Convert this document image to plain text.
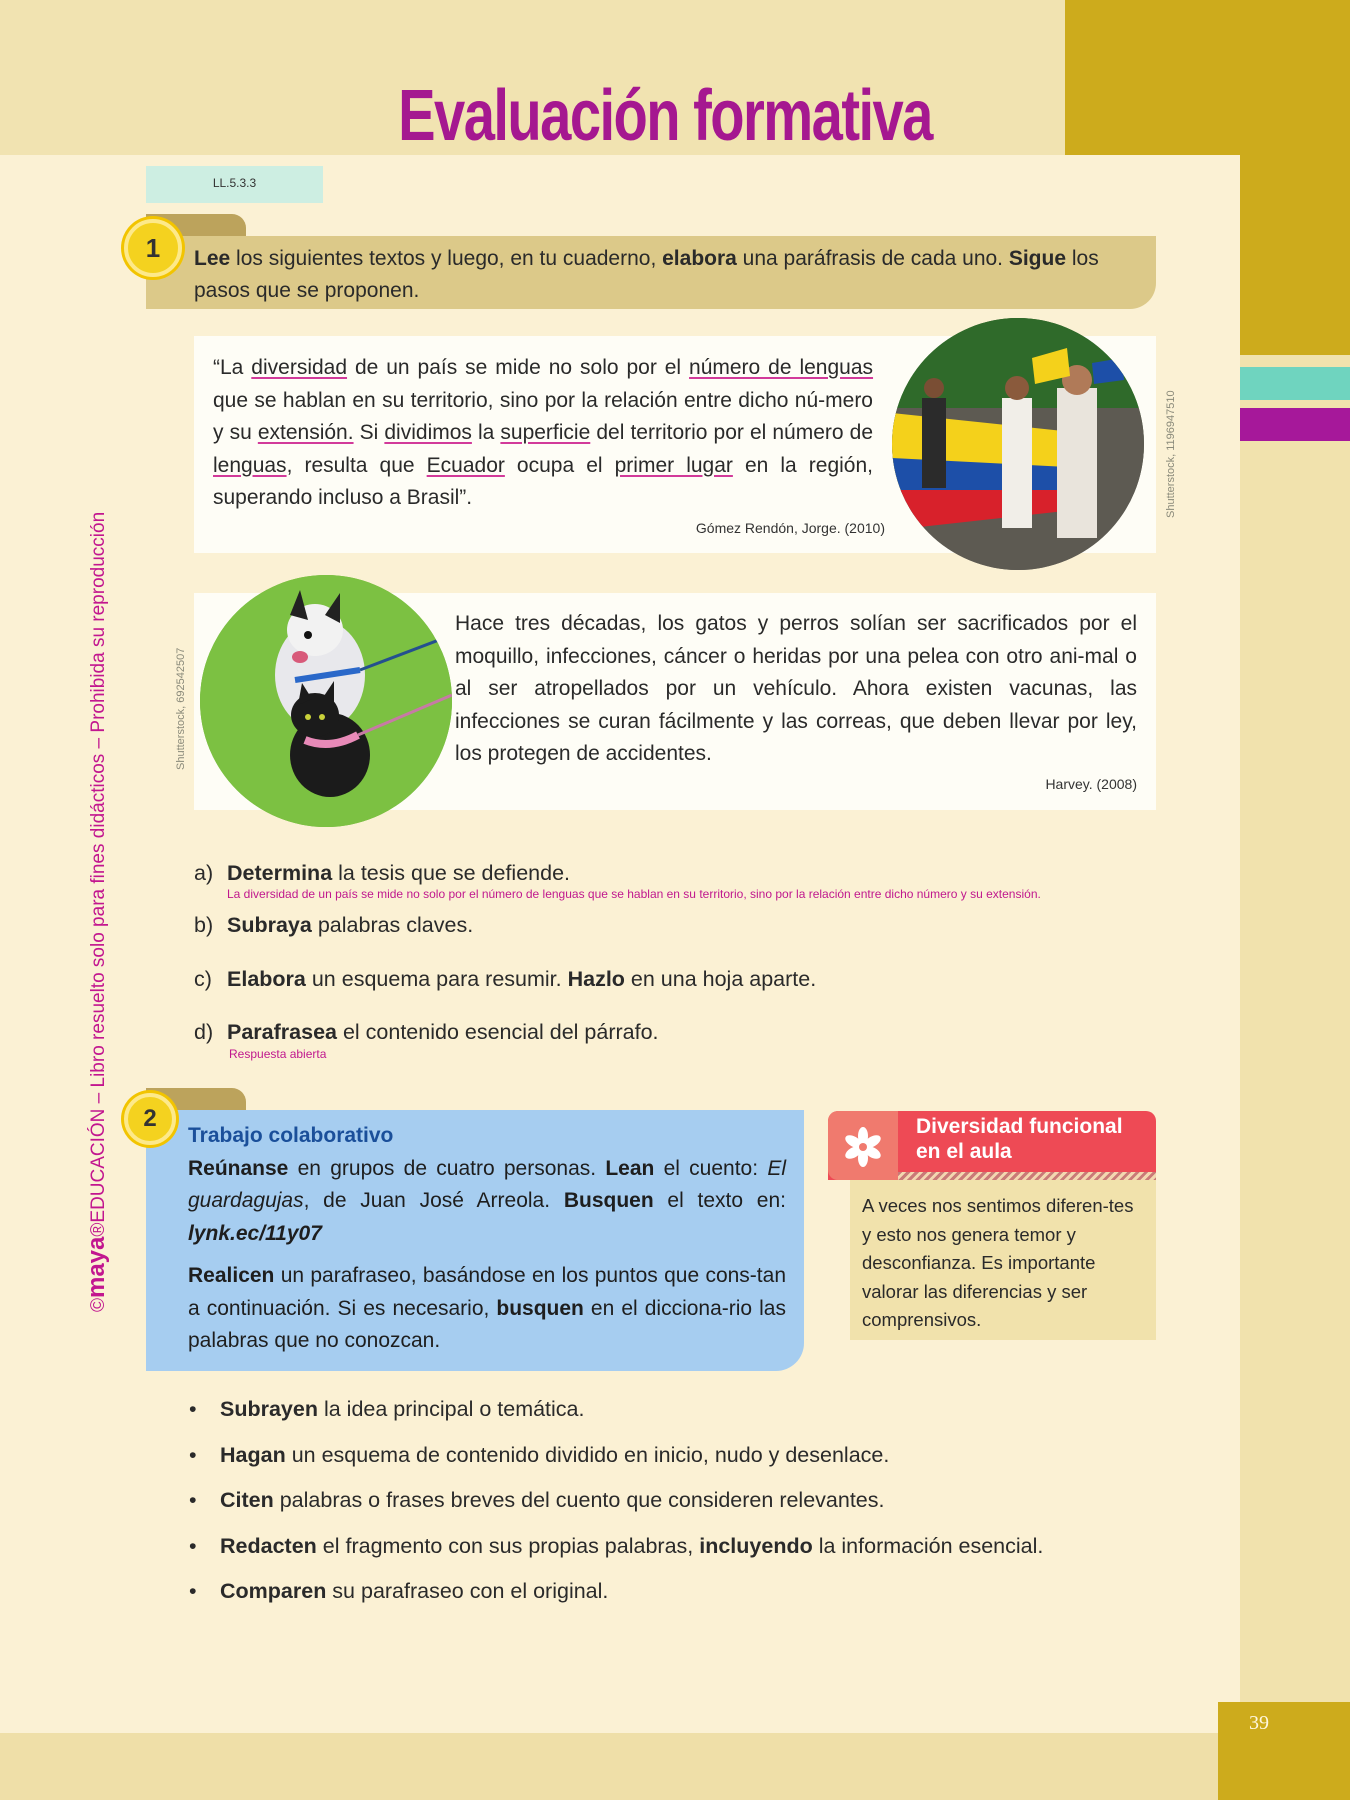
39
Evaluación formativa
LL.5.3.3
©maya®EDUCACIÓN – Libro resuelto solo para fines didácticos – Prohibida su reproducción
1	Lee los siguientes textos y luego, en tu cuaderno, elabora una paráfrasis de cada uno. Sigue los pasos que se proponen.
“La diversidad de un país se mide no solo por el número de lenguas que se hablan en su territorio, sino por la relación entre dicho nú-mero y su extensión. Si dividimos la superficie del territorio por el número de lenguas, resulta que Ecuador ocupa el primer lugar en la región, superando incluso a Brasil”.
Gómez Rendón, Jorge. (2010)
Shutterstock, 1196947510
Hace tres décadas, los gatos y perros solían ser sacrificados por el moquillo, infecciones, cáncer o heridas por una pelea con otro ani-mal o al ser atropellados por un vehículo. Ahora existen vacunas, las infecciones se curan fácilmente y las correas, que deben llevar por ley, los protegen de accidentes.
Harvey. (2008)
Shutterstock, 692542507
a) Determina la tesis que se defiende.
La diversidad de un país se mide no solo por el número de lenguas que se hablan en su territorio, sino por la relación entre dicho número y su extensión.
b) Subraya palabras claves.
c) Elabora un esquema para resumir. Hazlo en una hoja aparte.
d) Parafrasea el contenido esencial del párrafo.
Respuesta abierta
2
Trabajo colaborativo
Reúnanse en grupos de cuatro personas. Lean el cuento: El guardagujas, de Juan José Arreola. Busquen el texto en: lynk.ec/11y07
Realicen un parafraseo, basándose en los puntos que cons-tan a continuación. Si es necesario, busquen en el dicciona-rio las palabras que no conozcan.
Diversidad funcional en el aula
A veces nos sentimos diferen-tes y esto nos genera temor y desconfianza. Es importante valorar las diferencias y ser comprensivos.
• Subrayen la idea principal o temática.
• Hagan un esquema de contenido dividido en inicio, nudo y desenlace.
• Citen palabras o frases breves del cuento que consideren relevantes.
• Redacten el fragmento con sus propias palabras, incluyendo la información esencial.
• Comparen su parafraseo con el original.
